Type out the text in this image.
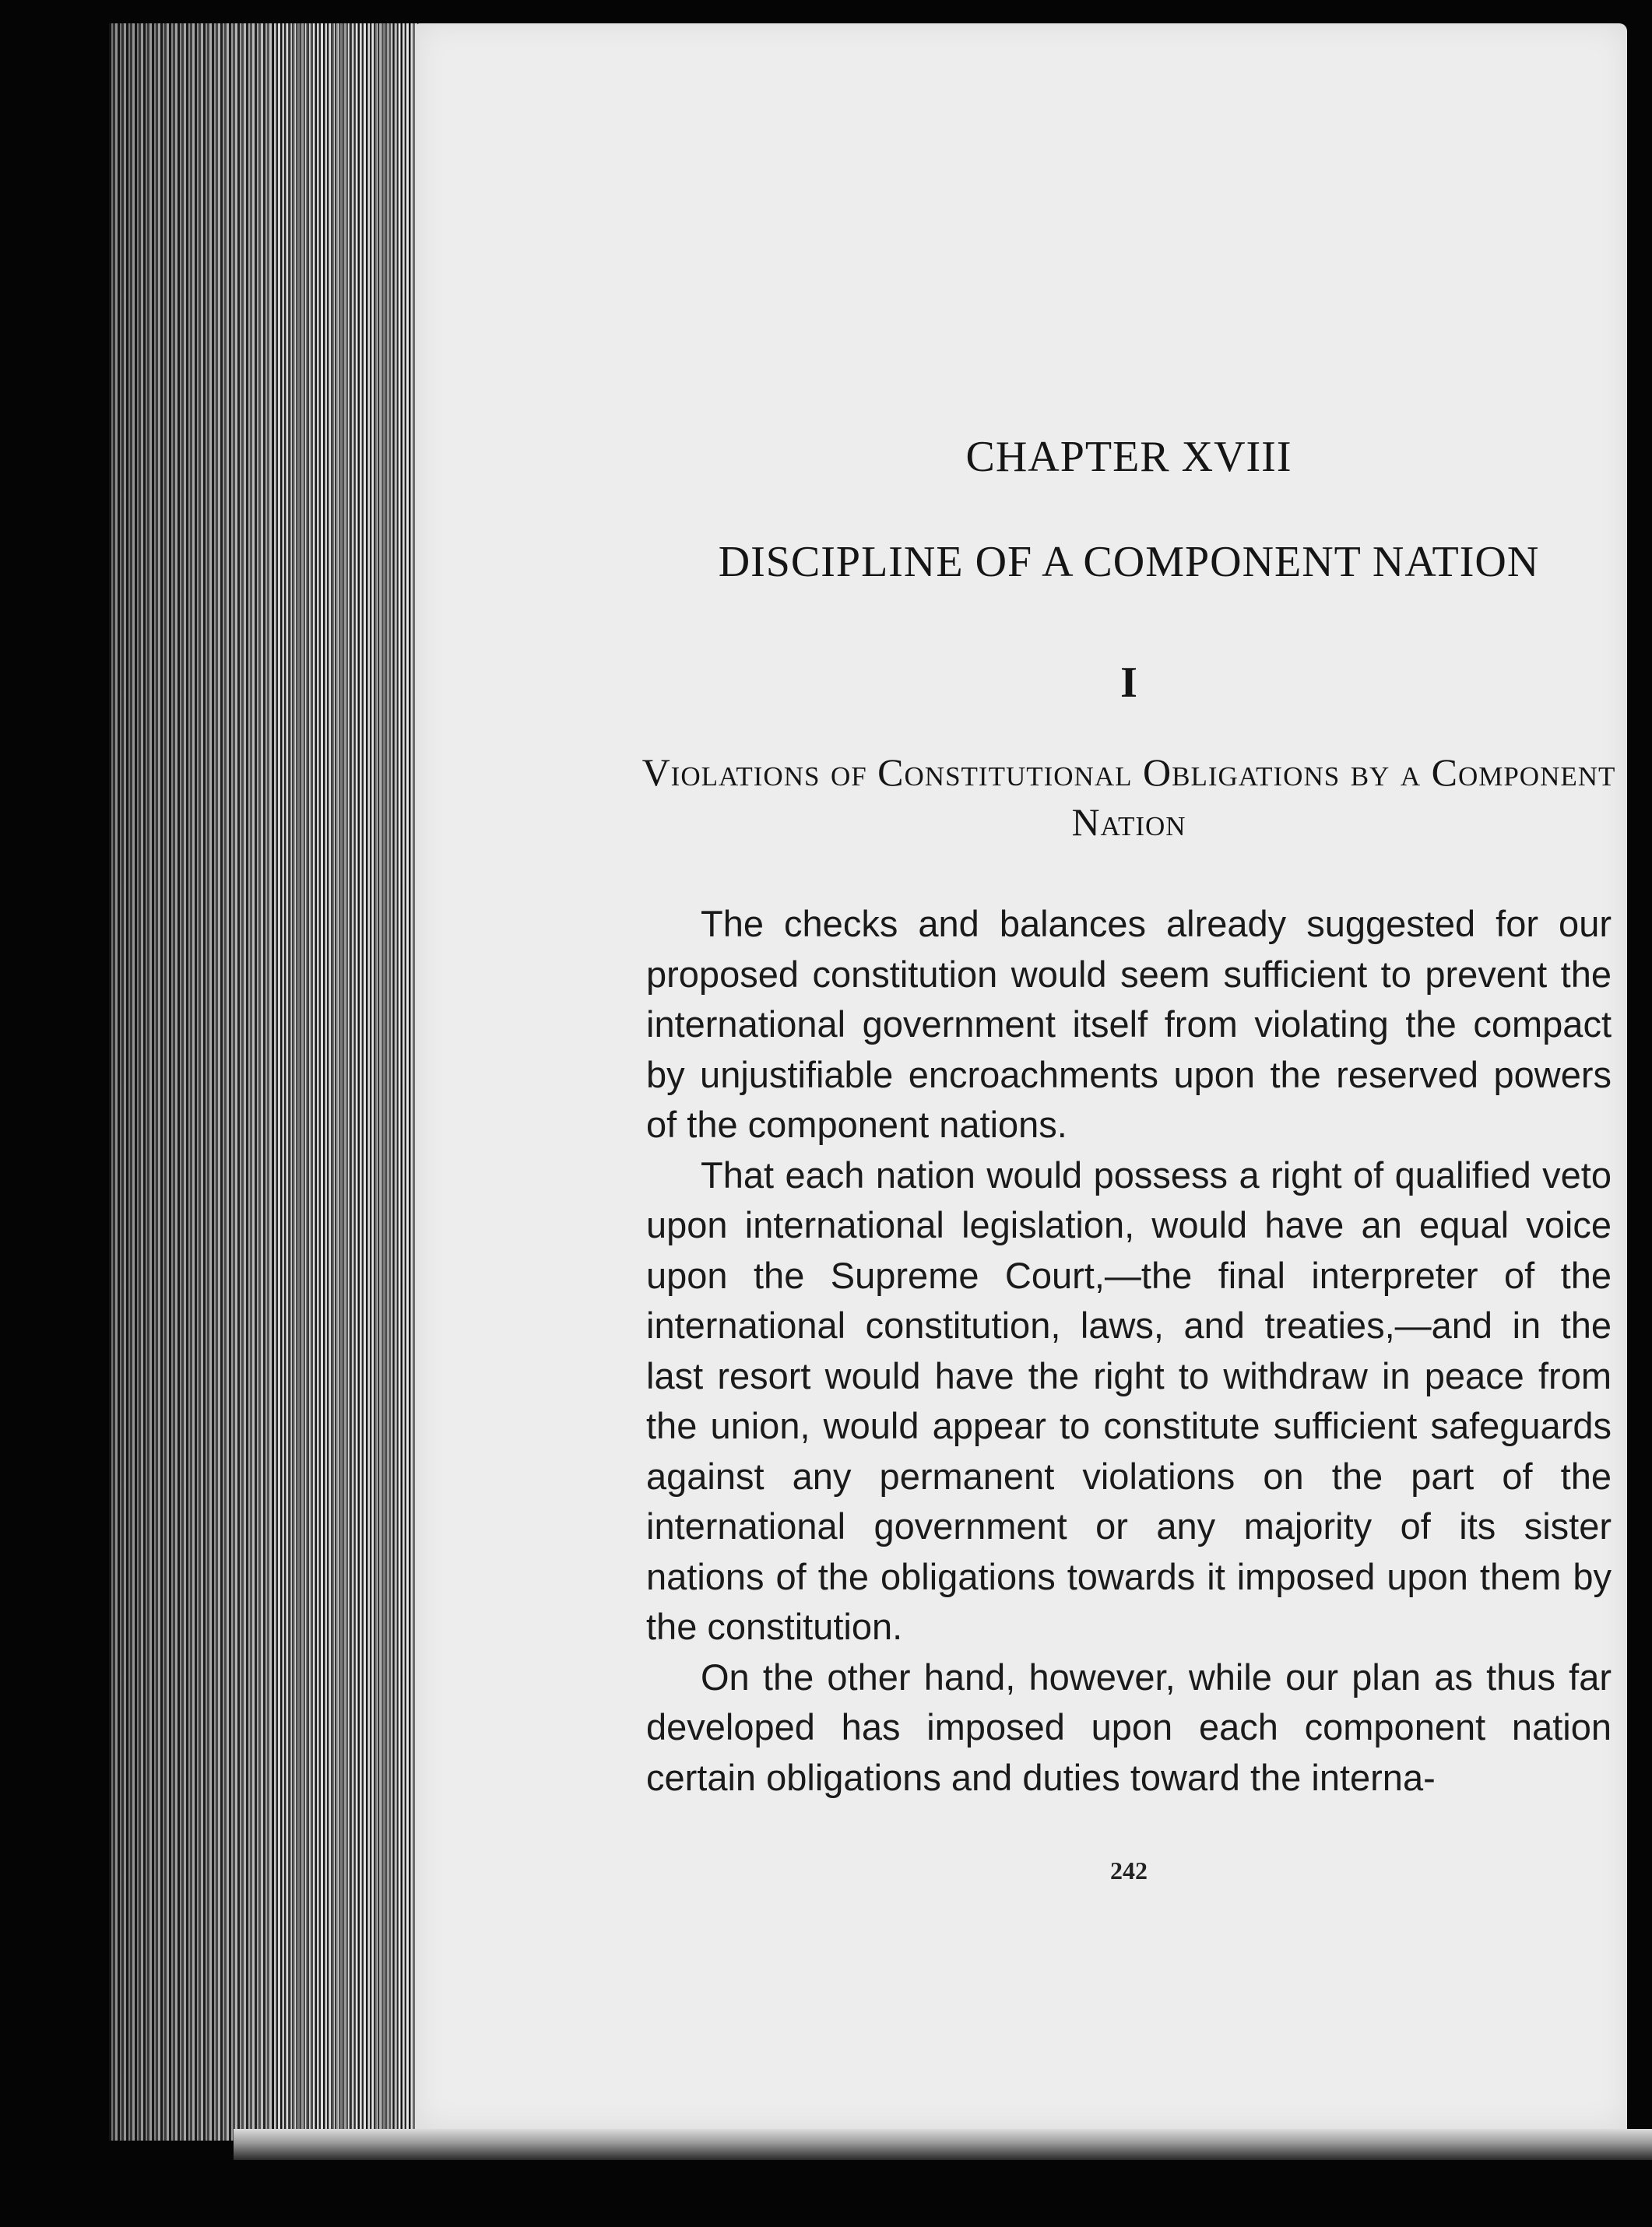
CHAPTER XVIII
DISCIPLINE OF A COMPONENT NATION
I
Violations of Constitutional Obligations by a Component Nation

The checks and balances already suggested for our proposed constitution would seem sufficient to prevent the international government itself from violating the compact by unjustifiable encroachments upon the reserved powers of the component nations.

That each nation would possess a right of qualified veto upon international legislation, would have an equal voice upon the Supreme Court,—the final interpreter of the international constitution, laws, and treaties,—and in the last resort would have the right to withdraw in peace from the union, would appear to constitute sufficient safeguards against any permanent violations on the part of the international government or any majority of its sister nations of the obligations towards it imposed upon them by the constitution.

On the other hand, however, while our plan as thus far developed has imposed upon each component nation certain obligations and duties toward the interna-

242
